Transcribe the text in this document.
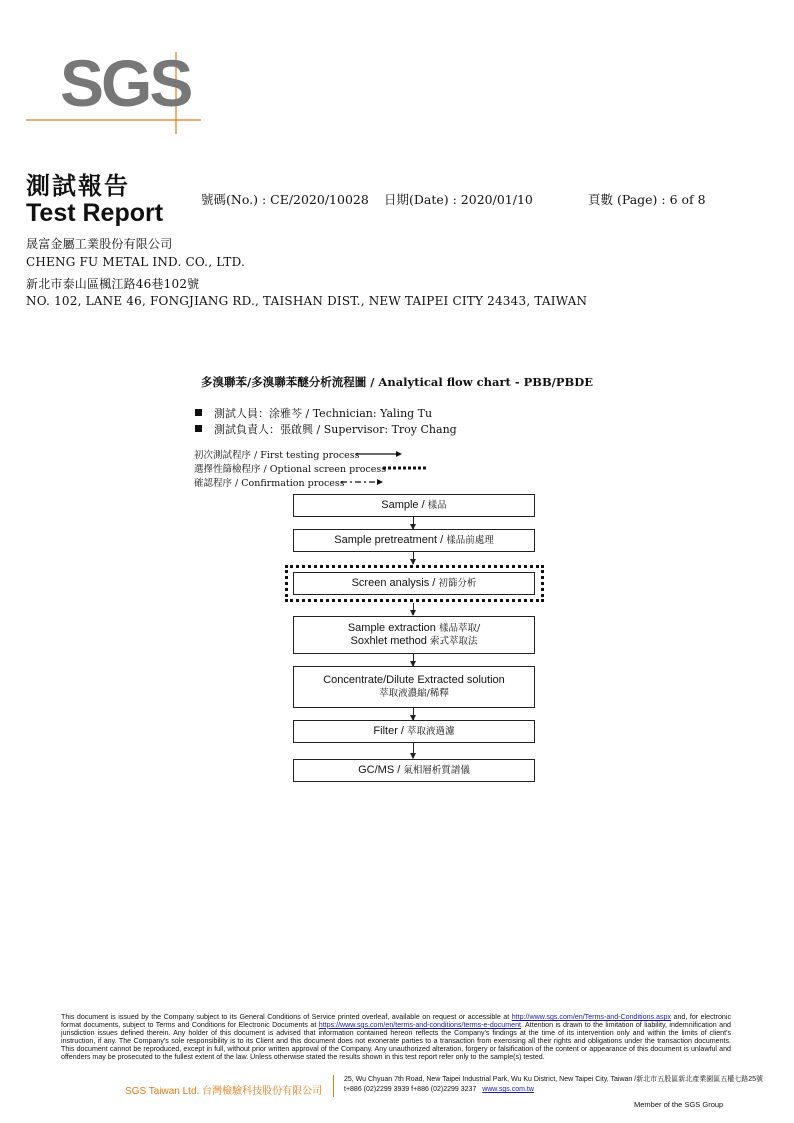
SGS
測試報告
Test Report	號碼(No.) : CE/2020/10028 日期(Date) : 2020/01/10	頁數 (Page) : 6 of 8
晟富金屬工業股份有限公司
CHENG FU METAL IND. CO., LTD.
新北市泰山區楓江路46巷102號
NO. 102, LANE 46, FONGJIANG RD., TAISHAN DIST., NEW TAIPEI CITY 24343, TAIWAN
多溴聯苯/多溴聯苯醚分析流程圖 / Analytical flow chart - PBB/PBDE
測試人員：涂雅芩 / Technician: Yaling Tu
測試負責人：張啟興 / Supervisor: Troy Chang
初次測試程序 / First testing process
選擇性篩檢程序 / Optional screen process
確認程序 / Confirmation process
Sample / 樣品
Sample pretreatment / 樣品前處理
Screen analysis / 初篩分析
Sample extraction 樣品萃取/
Soxhlet method 索式萃取法
Concentrate/Dilute Extracted solution
萃取液濃縮/稀釋
Filter / 萃取液過濾
GC/MS / 氣相層析質譜儀
This document is issued by the Company subject to its General Conditions of Service printed overleaf, available on request or accessible at http://www.sgs.com/en/Terms-and-Conditions.aspx and, for electronic format documents, subject to Terms and Conditions for Electronic Documents at https://www.sgs.com/en/terms-and-conditions/terms-e-document. Attention is drawn to the limitation of liability, indemnification and jurisdiction issues defined therein. Any holder of this document is advised that information contained hereon reflects the Company's findings at the time of its intervention only and within the limits of client's instruction, if any. The Company's sole responsibility is to its Client and this document does not exonerate parties to a transaction from exercising all their rights and obligations under the transaction documents. This document cannot be reproduced, except in full, without prior written approval of the Company. Any unauthorized alteration, forgery or falsification of the content or appearance of this document is unlawful and offenders may be prosecuted to the fullest extent of the law. Unless otherwise stated the results shown in this test report refer only to the sample(s) tested.
SGS Taiwan Ltd. 台灣檢驗科技股份有限公司
25, Wu Chyuan 7th Road, New Taipei Industrial Park, Wu Ku District, New Taipei City, Taiwan /新北市五股區新北產業園區五權七路25號
t+886 (02)2299 3939 f+886 (02)2299 3237 www.sgs.com.tw
Member of the SGS Group
